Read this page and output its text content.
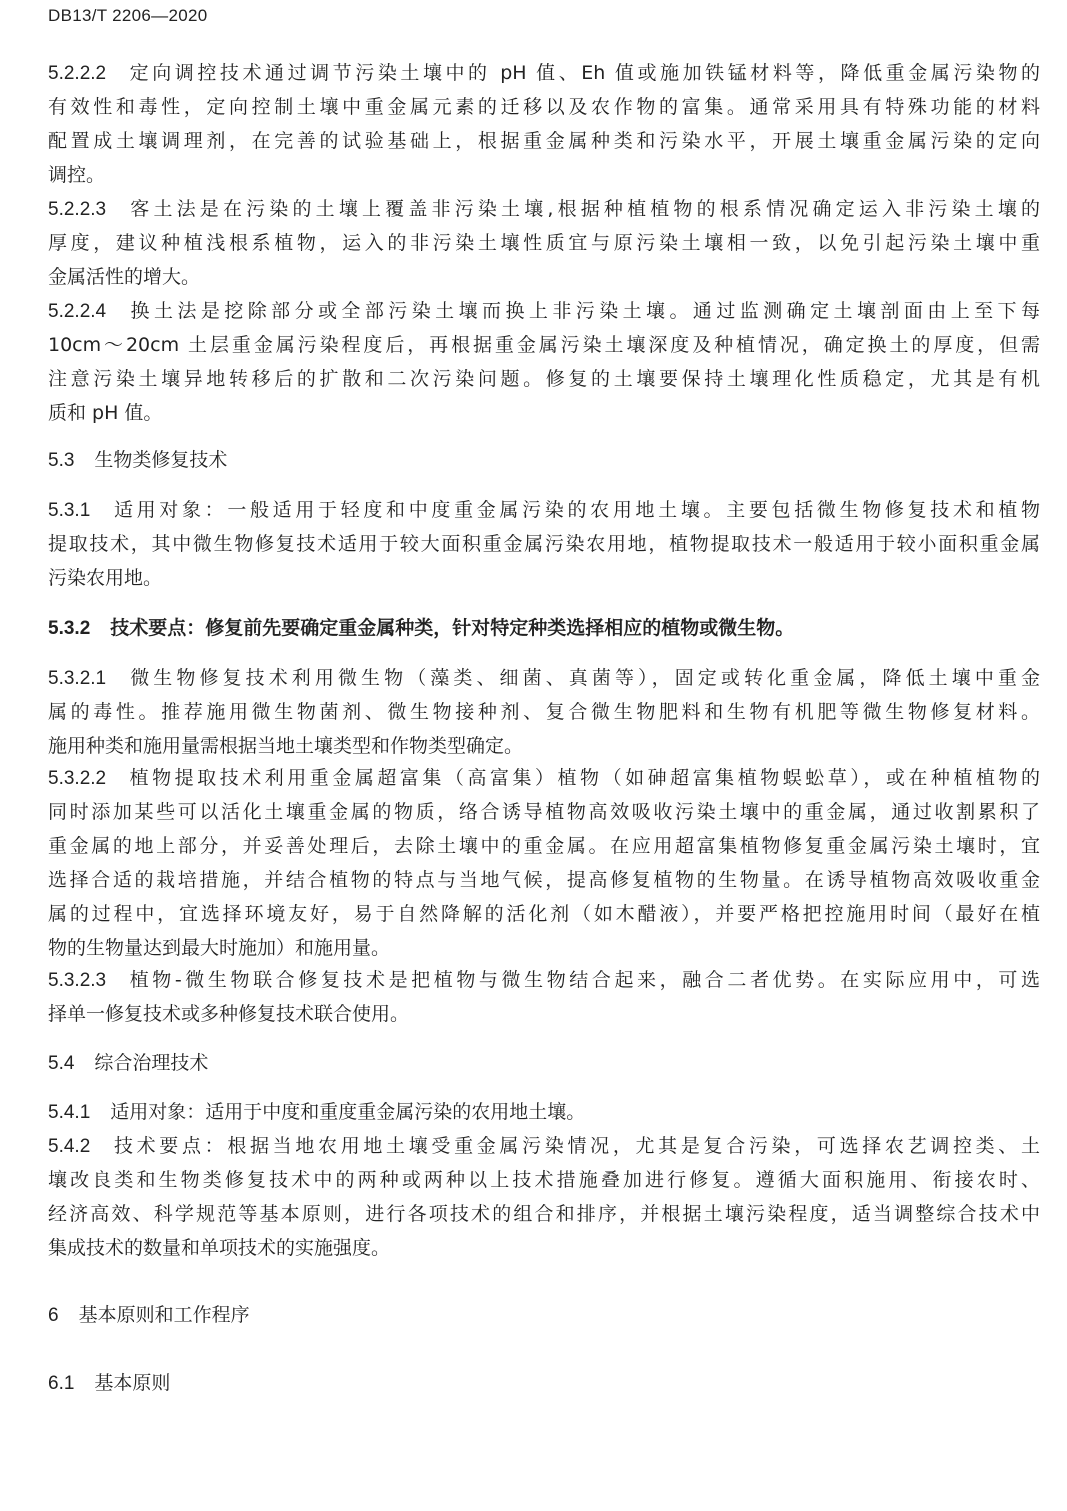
DB13/T 2206—2020
5.2.2.2 定向调控技术通过调节污染土壤中的 pH 值、Eh 值或施加铁锰材料等，降低重金属污染物的
有效性和毒性，定向控制土壤中重金属元素的迁移以及农作物的富集。通常采用具有特殊功能的材料
配置成土壤调理剂，在完善的试验基础上，根据重金属种类和污染水平，开展土壤重金属污染的定向
调控。
5.2.2.3 客土法是在污染的土壤上覆盖非污染土壤,根据种植植物的根系情况确定运入非污染土壤的
厚度，建议种植浅根系植物，运入的非污染土壤性质宜与原污染土壤相一致，以免引起污染土壤中重
金属活性的增大。
5.2.2.4 换土法是挖除部分或全部污染土壤而换上非污染土壤。通过监测确定土壤剖面由上至下每
10cm～20cm 土层重金属污染程度后，再根据重金属污染土壤深度及种植情况，确定换土的厚度，但需
注意污染土壤异地转移后的扩散和二次污染问题。修复的土壤要保持土壤理化性质稳定，尤其是有机
质和 pH 值。
5.3 生物类修复技术
5.3.1 适用对象：一般适用于轻度和中度重金属污染的农用地土壤。主要包括微生物修复技术和植物
提取技术，其中微生物修复技术适用于较大面积重金属污染农用地，植物提取技术一般适用于较小面积重金属
污染农用地。
5.3.2 技术要点：修复前先要确定重金属种类，针对特定种类选择相应的植物或微生物。
5.3.2.1 微生物修复技术利用微生物（藻类、细菌、真菌等），固定或转化重金属，降低土壤中重金
属的毒性。推荐施用微生物菌剂、微生物接种剂、复合微生物肥料和生物有机肥等微生物修复材料。
施用种类和施用量需根据当地土壤类型和作物类型确定。
5.3.2.2 植物提取技术利用重金属超富集（高富集）植物（如砷超富集植物蜈蚣草），或在种植植物的
同时添加某些可以活化土壤重金属的物质，络合诱导植物高效吸收污染土壤中的重金属，通过收割累积了
重金属的地上部分，并妥善处理后，去除土壤中的重金属。在应用超富集植物修复重金属污染土壤时，宜
选择合适的栽培措施，并结合植物的特点与当地气候，提高修复植物的生物量。在诱导植物高效吸收重金
属的过程中，宜选择环境友好，易于自然降解的活化剂（如木醋液），并要严格把控施用时间（最好在植
物的生物量达到最大时施加）和施用量。
5.3.2.3 植物-微生物联合修复技术是把植物与微生物结合起来，融合二者优势。在实际应用中，可选
择单一修复技术或多种修复技术联合使用。
5.4 综合治理技术
5.4.1 适用对象：适用于中度和重度重金属污染的农用地土壤。
5.4.2 技术要点：根据当地农用地土壤受重金属污染情况，尤其是复合污染，可选择农艺调控类、土
壤改良类和生物类修复技术中的两种或两种以上技术措施叠加进行修复。遵循大面积施用、衔接农时、
经济高效、科学规范等基本原则，进行各项技术的组合和排序，并根据土壤污染程度，适当调整综合技术中
集成技术的数量和单项技术的实施强度。
6 基本原则和工作程序
6.1 基本原则
